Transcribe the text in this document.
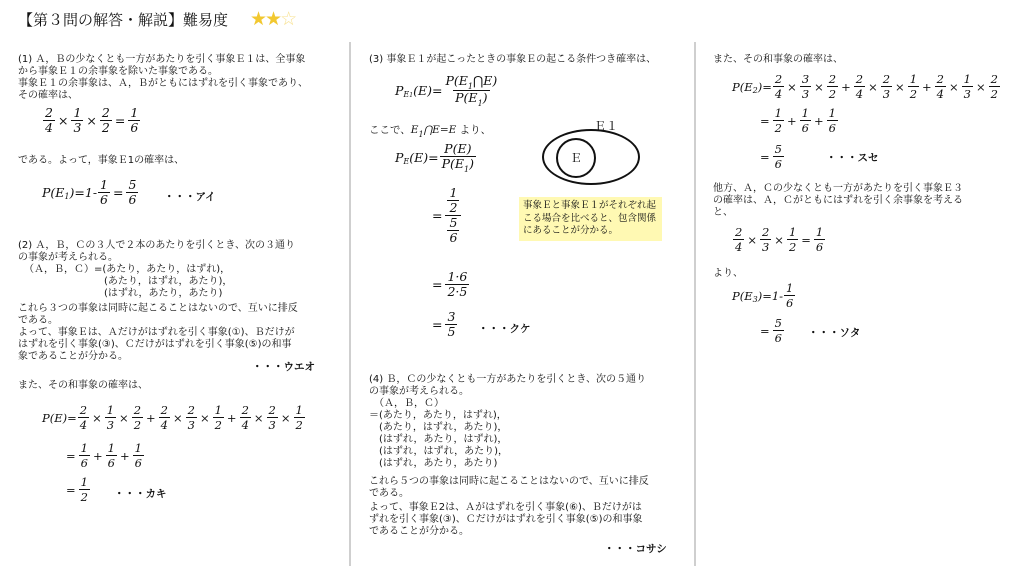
【第３問の解答・解説】難易度 ★★☆
(1) Ａ，Ｂの少なくとも一方があたりを引く事象Ｅ１は、全事象
から事象Ｅ１の余事象を除いた事象である。
事象Ｅ１の余事象は、Ａ，Ｂがともにはずれを引く事象であり、
その確率は、
$\frac{2}{4} \times \frac{1}{3} \times \frac{2}{2} = \frac{1}{6}$
である。よって，事象Ｅ1の確率は、
P(E 1 )$=1- \frac{1}{6} = \frac{5}{6}$ ・・・アイ
(2) Ａ，Ｂ，Ｃの３人で２本のあたりを引くとき、次の３通り
の事象が考えられる。
（Ａ，Ｂ，Ｃ）=(あたり，あたり，はずれ)，
　　　　　　　　(あたり，はずれ，あたり)，
　　　　　　　　(はずれ，あたり，あたり)
これら３つの事象は同時に起こることはないので、互いに排反
である。
よって、事象Ｅは、Ａだけがはずれを引く事象(①)、Ｂだけが
はずれを引く事象(③)、Ｃだけがはずれを引く事象(⑤)の和事
象であることが分かる。
・・・ウエオ
また、その和事象の確率は、
$P(E)= \frac{2}{4} \times \frac{1}{3} \times \frac{2}{2} + \frac{2}{4} \times \frac{2}{3} \times \frac{1}{2} + \frac{2}{4} \times \frac{2}{3} \times \frac{1}{2}$
= $\frac{1}{6} + \frac{1}{6} + \frac{1}{6}$
= $\frac{1}{2}$ ・・・カキ
(3) 事象Ｅ１が起こったときの事象Ｅの起こる条件つき確率は、
P E1 $(E)= \frac{P(E_1⋂E)}{P(E_1)}$
ここで、$E_1⋂E=E$ より、
P E $(E)= \frac{P(E)}{P(E_1)}$
= 1
2
5
6
= $\frac{1\cdot 6}{2\cdot 5}$
= $\frac{3}{5}$ ・・・クケ
Ｅ１
Ｅ
事象Ｅと事象Ｅ１がそれぞれ起こる場合を比べると、包含関係にあることが分かる。
(4) Ｂ，Ｃの少なくとも一方があたりを引くとき、次の５通り
の事象が考えられる。
　（Ａ，Ｂ，Ｃ）
＝(あたり，あたり，はずれ)，
　(あたり，はずれ，あたり)，
　(はずれ，あたり，はずれ)，
　(はずれ，はずれ，あたり)，
　(はずれ，あたり，あたり)
これら５つの事象は同時に起こることはないので、互いに排反
である。
よって、事象Ｅ2は、Ａがはずれを引く事象(⑥)、Ｂだけがは
ずれを引く事象(③)、Ｃだけがはずれを引く事象(⑤)の和事象
であることが分かる。
・・・コサシ
また、その和事象の確率は、
P(E 2 )= $\frac{2}{4} \times \frac{3}{3} \times \frac{2}{2} + \frac{2}{4} \times \frac{2}{3} \times \frac{1}{2} + \frac{2}{4} \times \frac{1}{3} \times \frac{2}{2}$
= $\frac{1}{2} + \frac{1}{6} + \frac{1}{6}$
= $\frac{5}{6}$	・・・スセ
他方、Ａ，Ｃの少なくとも一方があたりを引く事象Ｅ３
の確率は、Ａ，Ｃがともにはずれを引く余事象を考える
と、
$\frac{2}{4} \times \frac{2}{3} \times \frac{1}{2} = \frac{1}{6}$
より、
P(E 3 )$=1- \frac{1}{6}$
= $\frac{5}{6}$ ・・・ソタ
